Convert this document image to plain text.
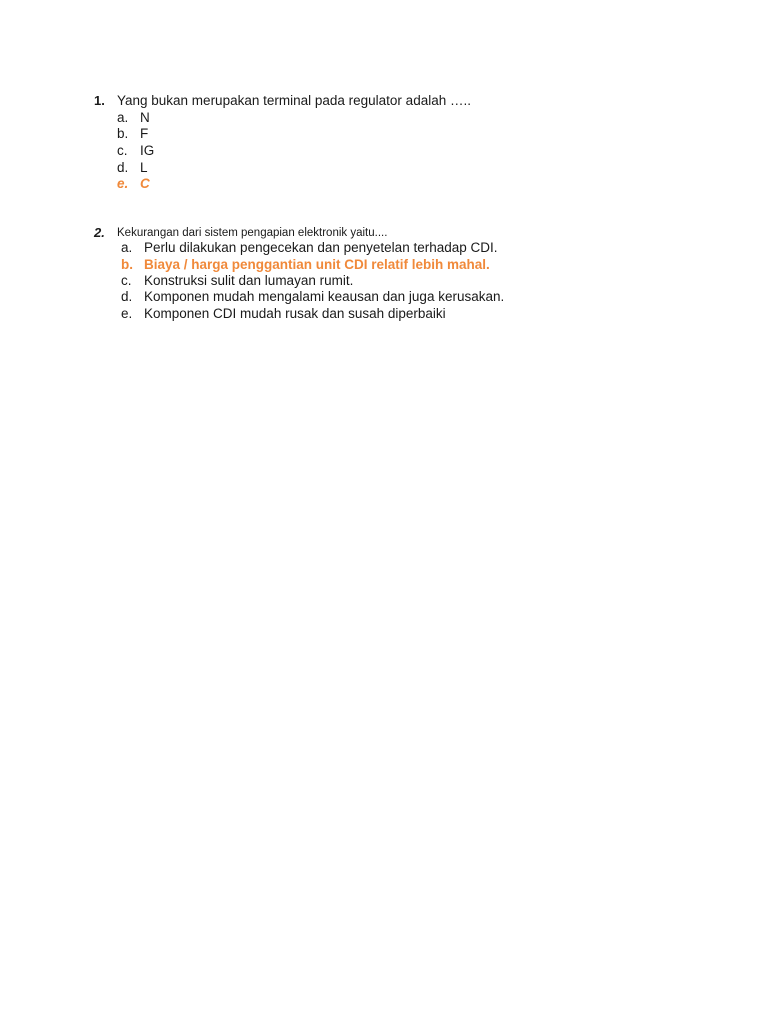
1. Yang bukan merupakan terminal pada regulator adalah …..
a. N
b. F
c. IG
d. L
e. C
2. Kekurangan dari sistem pengapian elektronik yaitu....
a. Perlu dilakukan pengecekan dan penyetelan terhadap CDI.
b. Biaya / harga penggantian unit CDI relatif lebih mahal.
c. Konstruksi sulit dan lumayan rumit.
d. Komponen mudah mengalami keausan dan juga kerusakan.
e. Komponen CDI mudah rusak dan susah diperbaiki
